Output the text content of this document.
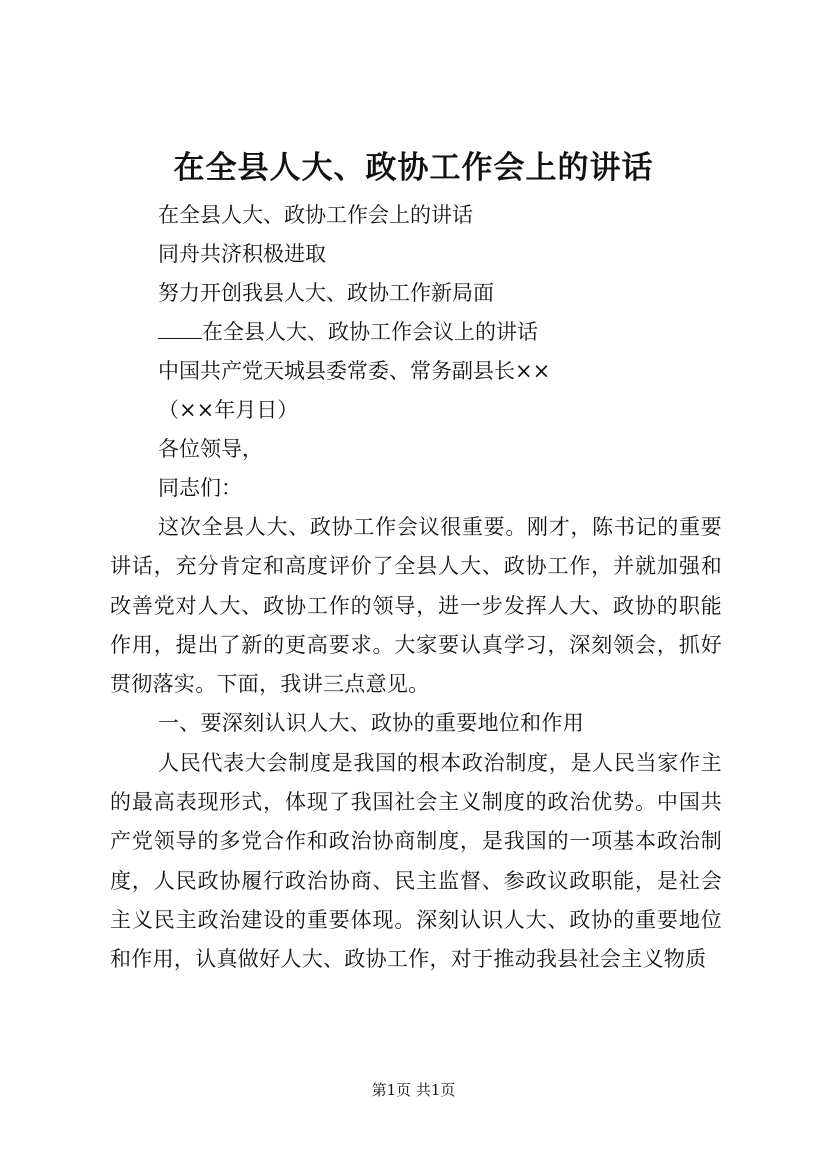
在全县人大、政协工作会上的讲话
在全县人大、政协工作会上的讲话
同舟共济积极进取
努力开创我县人大、政协工作新局面
在全县人大、政协工作会议上的讲话
中国共产党天城县委常委、常务副县长××
（××年月日）
各位领导，
同志们：

这次全县人大、政协工作会议很重要。刚才，陈书记的重要讲话，充分肯定和高度评价了全县人大、政协工作，并就加强和改善党对人大、政协工作的领导，进一步发挥人大、政协的职能作用，提出了新的更高要求。大家要认真学习，深刻领会，抓好贯彻落实。下面，我讲三点意见。

一、要深刻认识人大、政协的重要地位和作用

人民代表大会制度是我国的根本政治制度，是人民当家作主的最高表现形式，体现了我国社会主义制度的政治优势。中国共产党领导的多党合作和政治协商制度，是我国的一项基本政治制度，人民政协履行政治协商、民主监督、参政议政职能，是社会主义民主政治建设的重要体现。深刻认识人大、政协的重要地位和作用，认真做好人大、政协工作，对于推动我县社会主义物质

第1页 共1页
